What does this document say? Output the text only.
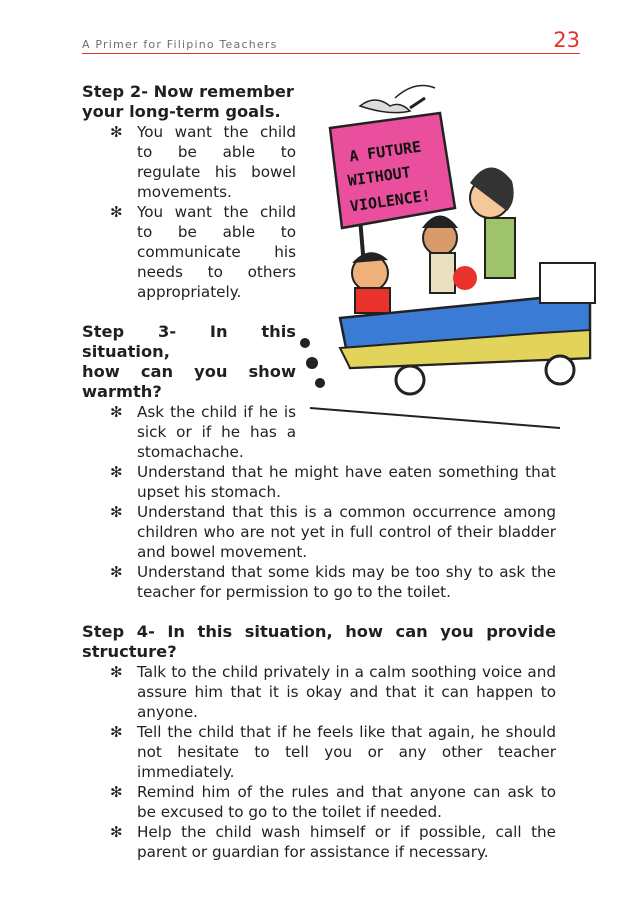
A Primer for Filipino Teachers	23
A FUTURE
WITHOUT
VIOLENCE!
Step 2- Now remember
your long-term goals.
✻ You want the child to be able to regulate his bowel movements.
✻ You want the child to be able to communicate his needs to others appropriately.
Step 3- In this situation,
how can you show
warmth?
✻ Ask the child if he is sick or if he has a stomachache.
✻ Understand that he might have eaten something that upset his stomach.
✻ Understand that this is a common occurrence among children who are not yet in full control of their bladder and bowel movement.
✻ Understand that some kids may be too shy to ask the teacher for permission to go to the toilet.
Step 4- In this situation, how can you provide structure?
✻ Talk to the child privately in a calm soothing voice and assure him that it is okay and that it can happen to anyone.
✻ Tell the child that if he feels like that again, he should not hesitate to tell you or any other teacher immediately.
✻ Remind him of the rules and that anyone can ask to be excused to go to the toilet if needed.
✻ Help the child wash himself or if possible, call the parent or guardian for assistance if necessary.
